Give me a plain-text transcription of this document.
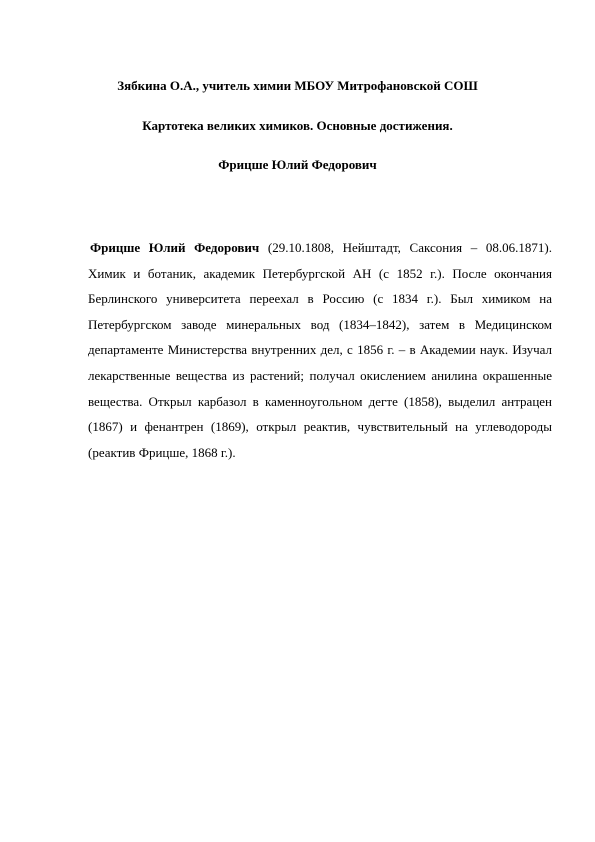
Зябкина О.А., учитель химии МБОУ Митрофановской СОШ
Картотека великих химиков. Основные достижения.
Фрицше Юлий Федорович

Фрицше Юлий Федорович (29.10.1808, Нейштадт, Саксония – 08.06.1871). Химик и ботаник, академик Петербургской АН (с 1852 г.). После окончания Берлинского университета переехал в Россию (с 1834 г.). Был химиком на Петербургском заводе минеральных вод (1834–1842), затем в Медицинском департаменте Министерства внутренних дел, с 1856 г. – в Академии наук. Изучал лекарственные вещества из растений; получал окислением анилина окрашенные вещества. Открыл карбазол в каменноугольном дегте (1858), выделил антрацен (1867) и фенантрен (1869), открыл реактив, чувствительный на углеводороды (реактив Фрицше, 1868 г.).
